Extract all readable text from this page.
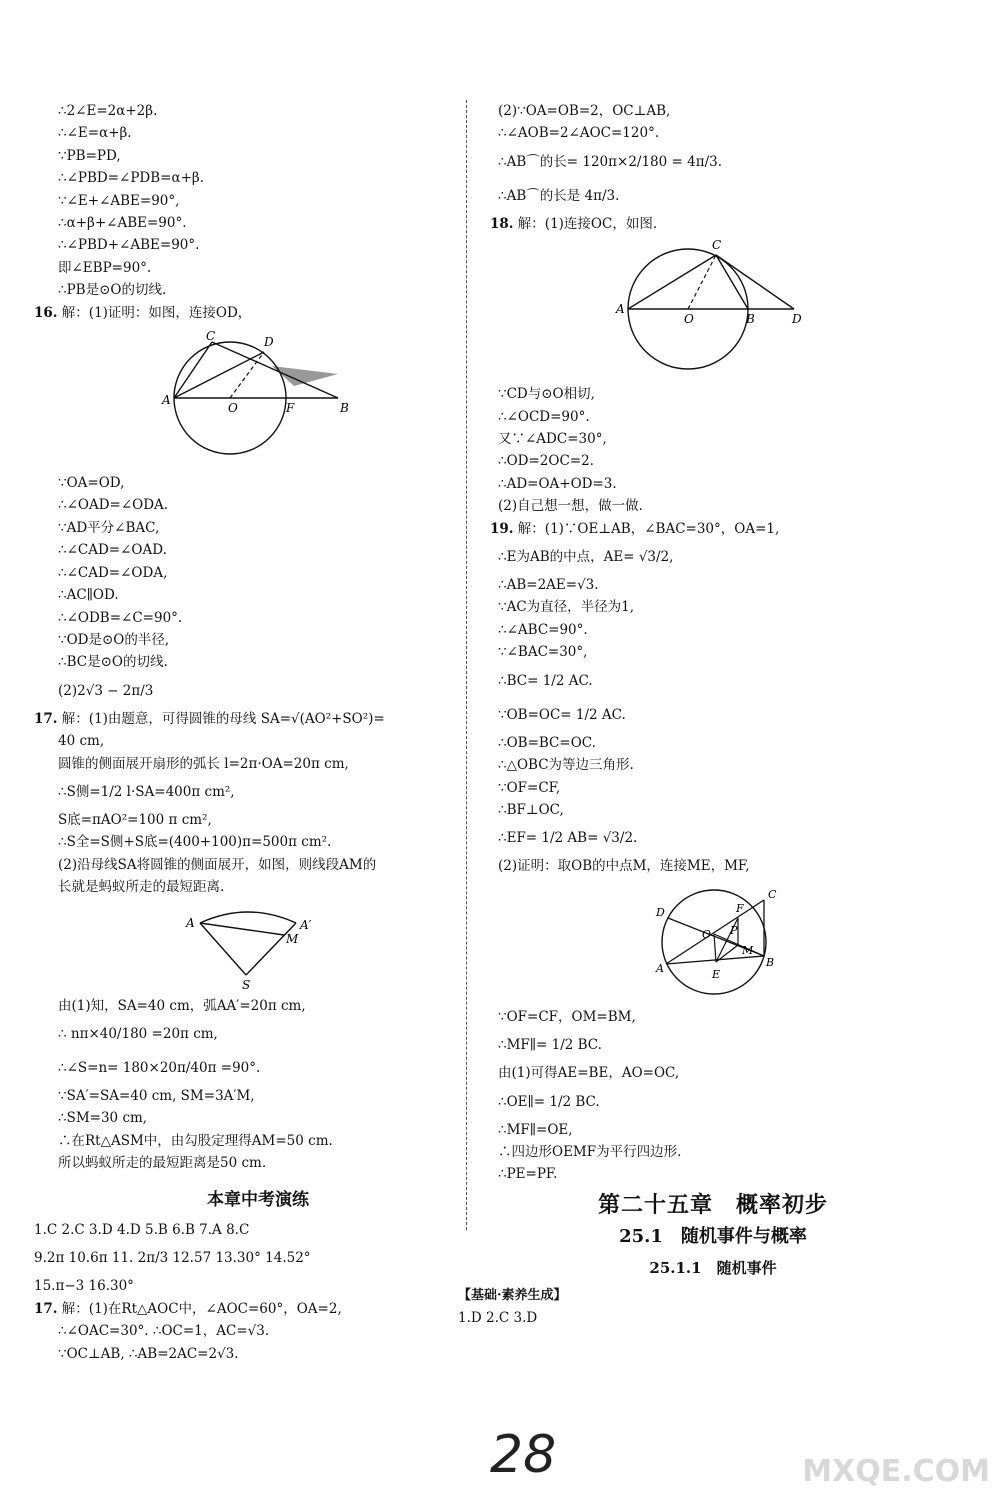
∴2∠E=2α+2β.
∴∠E=α+β.
∵PB=PD,
∴∠PBD=∠PDB=α+β.
∵∠E+∠ABE=90°,
∴α+β+∠ABE=90°.
∴∠PBD+∠ABE=90°.
即∠EBP=90°.
∴PB是⊙O的切线.
16. 解：(1)证明：如图，连接OD，
C	D
A
O	F	B
∵OA=OD,
∴∠OAD=∠ODA.
∵AD平分∠BAC,
∴∠CAD=∠OAD.
∴∠CAD=∠ODA,
∴AC∥OD.
∴∠ODB=∠C=90°.
∵OD是⊙O的半径,
∴BC是⊙O的切线.
(2)2√3 − 2π/3
17. 解：(1)由题意，可得圆锥的母线 SA=√(AO²+SO²)=
40 cm,
圆锥的侧面展开扇形的弧长 l=2π·OA=20π cm,
∴S侧=1/2 l·SA=400π cm²,
S底=πAO²=100 π cm²,
∴S全=S侧+S底=(400+100)π=500π cm².
(2)沿母线SA将圆锥的侧面展开，如图，则线段AM的
长就是蚂蚁所走的最短距离.
A	A′
M
S
由(1)知，SA=40 cm，弧AA′=20π cm,
∴ nπ×40/180 =20π cm,
∴∠S=n= 180×20π/40π =90°.
∵SA′=SA=40 cm, SM=3A′M,
∴SM=30 cm,
∴在Rt△ASM中，由勾股定理得AM=50 cm.
所以蚂蚁所走的最短距离是50 cm.
本章中考演练
1.C 2.C 3.D 4.D 5.B 6.B 7.A 8.C
9.2π 10.6π 11. 2π/3 12.57 13.30° 14.52°
15.π−3 16.30°
17. 解：(1)在Rt△AOC中，∠AOC=60°，OA=2,
∴∠OAC=30°. ∴OC=1，AC=√3.
∵OC⊥AB, ∴AB=2AC=2√3.
(2)∵OA=OB=2，OC⊥AB,
∴∠AOB=2∠AOC=120°.
∴AB⌒的长= 120π×2/180 = 4π/3.
∴AB⌒的长是 4π/3.
18. 解：(1)连接OC，如图.
C
A
O	B	D
∵CD与⊙O相切,
∴∠OCD=90°.
又∵∠ADC=30°,
∴OD=2OC=2.
∴AD=OA+OD=3.
(2)自己想一想，做一做.
19. 解：(1)∵OE⊥AB，∠BAC=30°，OA=1,
∴E为AB的中点，AE= √3/2,
∴AB=2AE=√3.
∵AC为直径，半径为1,
∴∠ABC=90°.
∵∠BAC=30°,
∴BC= 1/2 AC.
∵OB=OC= 1/2 AC.
∴OB=BC=OC.
∴△OBC为等边三角形.
∵OF=CF,
∴BF⊥OC,
∴EF= 1/2 AB= √3/2.
(2)证明：取OB的中点M，连接ME，MF,
D
C
F
O P
M
A	E
B
∵OF=CF，OM=BM,
∴MF∥= 1/2 BC.
由(1)可得AE=BE，AO=OC,
∴OE∥= 1/2 BC.
∴MF∥=OE,
∴四边形OEMF为平行四边形.
∴PE=PF.
第二十五章　概率初步
25.1　随机事件与概率
25.1.1　随机事件
【基础·素养生成】
1.D 2.C 3.D
28	MXQE.COM
